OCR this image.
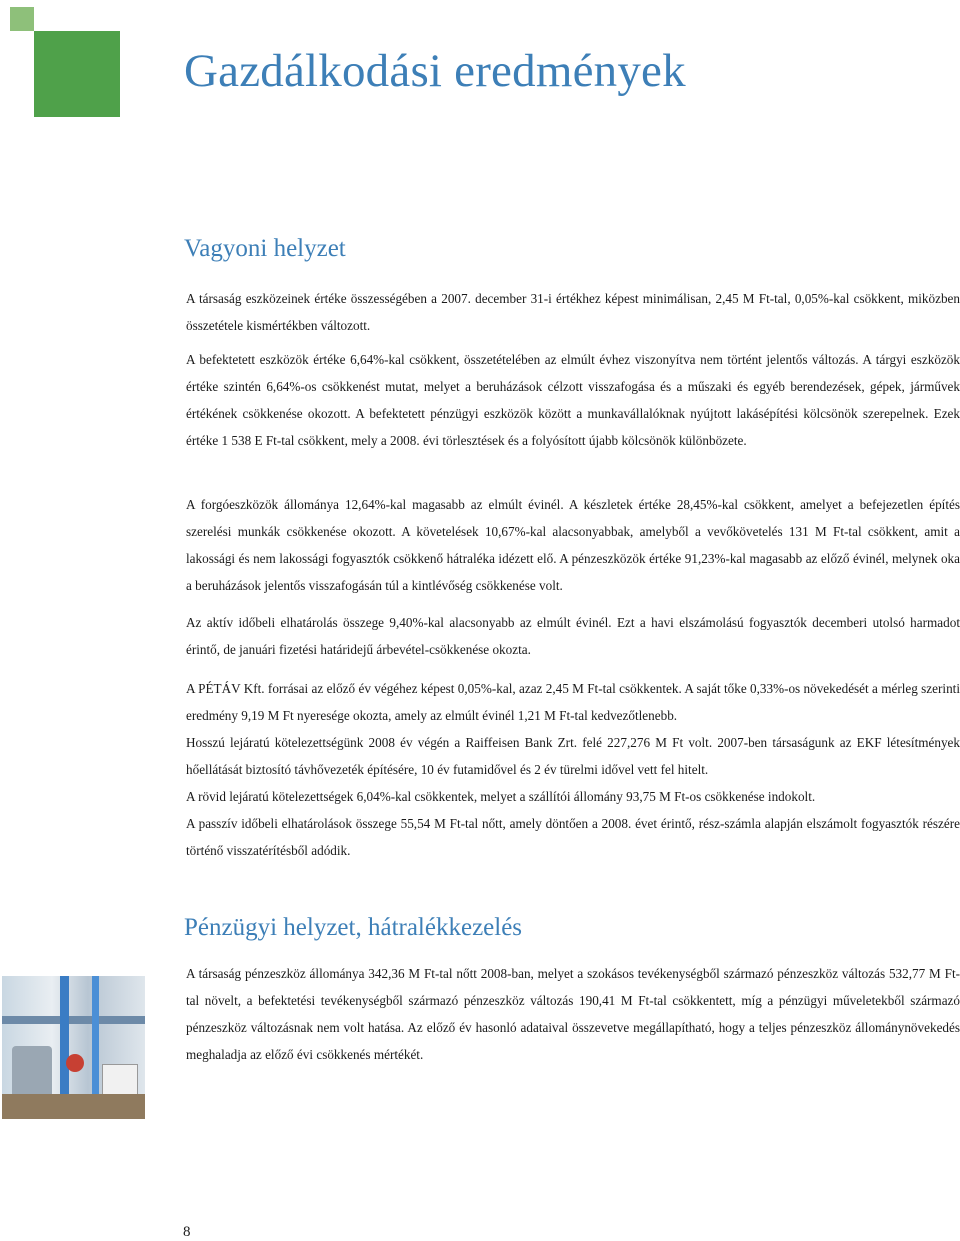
Gazdálkodási eredmények
Vagyoni helyzet

A társaság eszközeinek értéke összességében a 2007. december 31-i értékhez képest minimálisan, 2,45 M Ft-tal, 0,05%-kal csökkent, miközben összetétele kismértékben változott.

A befektetett eszközök értéke 6,64%-kal csökkent, összetételében az elmúlt évhez viszonyítva nem történt jelentős változás. A tárgyi eszközök értéke szintén 6,64%-os csökkenést mutat, melyet a beruházások célzott visszafogása és a műszaki és egyéb berendezések, gépek, járművek értékének csökkenése okozott. A befektetett pénzügyi eszközök között a munkavállalóknak nyújtott lakásépítési kölcsönök szerepelnek. Ezek értéke 1 538 E Ft-tal csökkent, mely a 2008. évi törlesztések és a folyósított újabb kölcsönök különbözete.

A forgóeszközök állománya 12,64%-kal magasabb az elmúlt évinél. A készletek értéke 28,45%-kal csökkent, amelyet a befejezetlen építés szerelési munkák csökkenése okozott. A követelések 10,67%-kal alacsonyabbak, amelyből a vevőkövetelés 131 M Ft-tal csökkent, amit a lakossági és nem lakossági fogyasztók csökkenő hátraléka idézett elő. A pénzeszközök értéke 91,23%-kal magasabb az előző évinél, melynek oka a beruházások jelentős visszafogásán túl a kintlévőség csökkenése volt.

Az aktív időbeli elhatárolás összege 9,40%-kal alacsonyabb az elmúlt évinél. Ezt a havi elszámolású fogyasztók decemberi utolsó harmadot érintő, de januári fizetési határidejű árbevétel-csökkenése okozta.

A PÉTÁV Kft. forrásai az előző év végéhez képest 0,05%-kal, azaz 2,45 M Ft-tal csökkentek. A saját tőke 0,33%-os növekedését a mérleg szerinti eredmény 9,19 M Ft nyeresége okozta, amely az elmúlt évinél 1,21 M Ft-tal kedvezőtlenebb.

Hosszú lejáratú kötelezettségünk 2008 év végén a Raiffeisen Bank Zrt. felé 227,276 M Ft volt. 2007-ben társaságunk az EKF létesítmények hőellátását biztosító távhővezeték építésére, 10 év futamidővel és 2 év türelmi idővel vett fel hitelt.

A rövid lejáratú kötelezettségek 6,04%-kal csökkentek, melyet a szállítói állomány 93,75 M Ft-os csökkenése indokolt.

A passzív időbeli elhatárolások összege 55,54 M Ft-tal nőtt, amely döntően a 2008. évet érintő, rész-számla alapján elszámolt fogyasztók részére történő visszatérítésből adódik.

Pénzügyi helyzet, hátralékkezelés

A társaság pénzeszköz állománya 342,36 M Ft-tal nőtt 2008-ban, melyet a szokásos tevékenységből származó pénzeszköz változás 532,77 M Ft-tal növelt, a befektetési tevékenységből származó pénzeszköz változás 190,41 M Ft-tal csökkentett, míg a pénzügyi műveletekből származó pénzeszköz változásnak nem volt hatása. Az előző év hasonló adataival összevetve megállapítható, hogy a teljes pénzeszköz állománynövekedés meghaladja az előző évi csökkenés mértékét.

8
